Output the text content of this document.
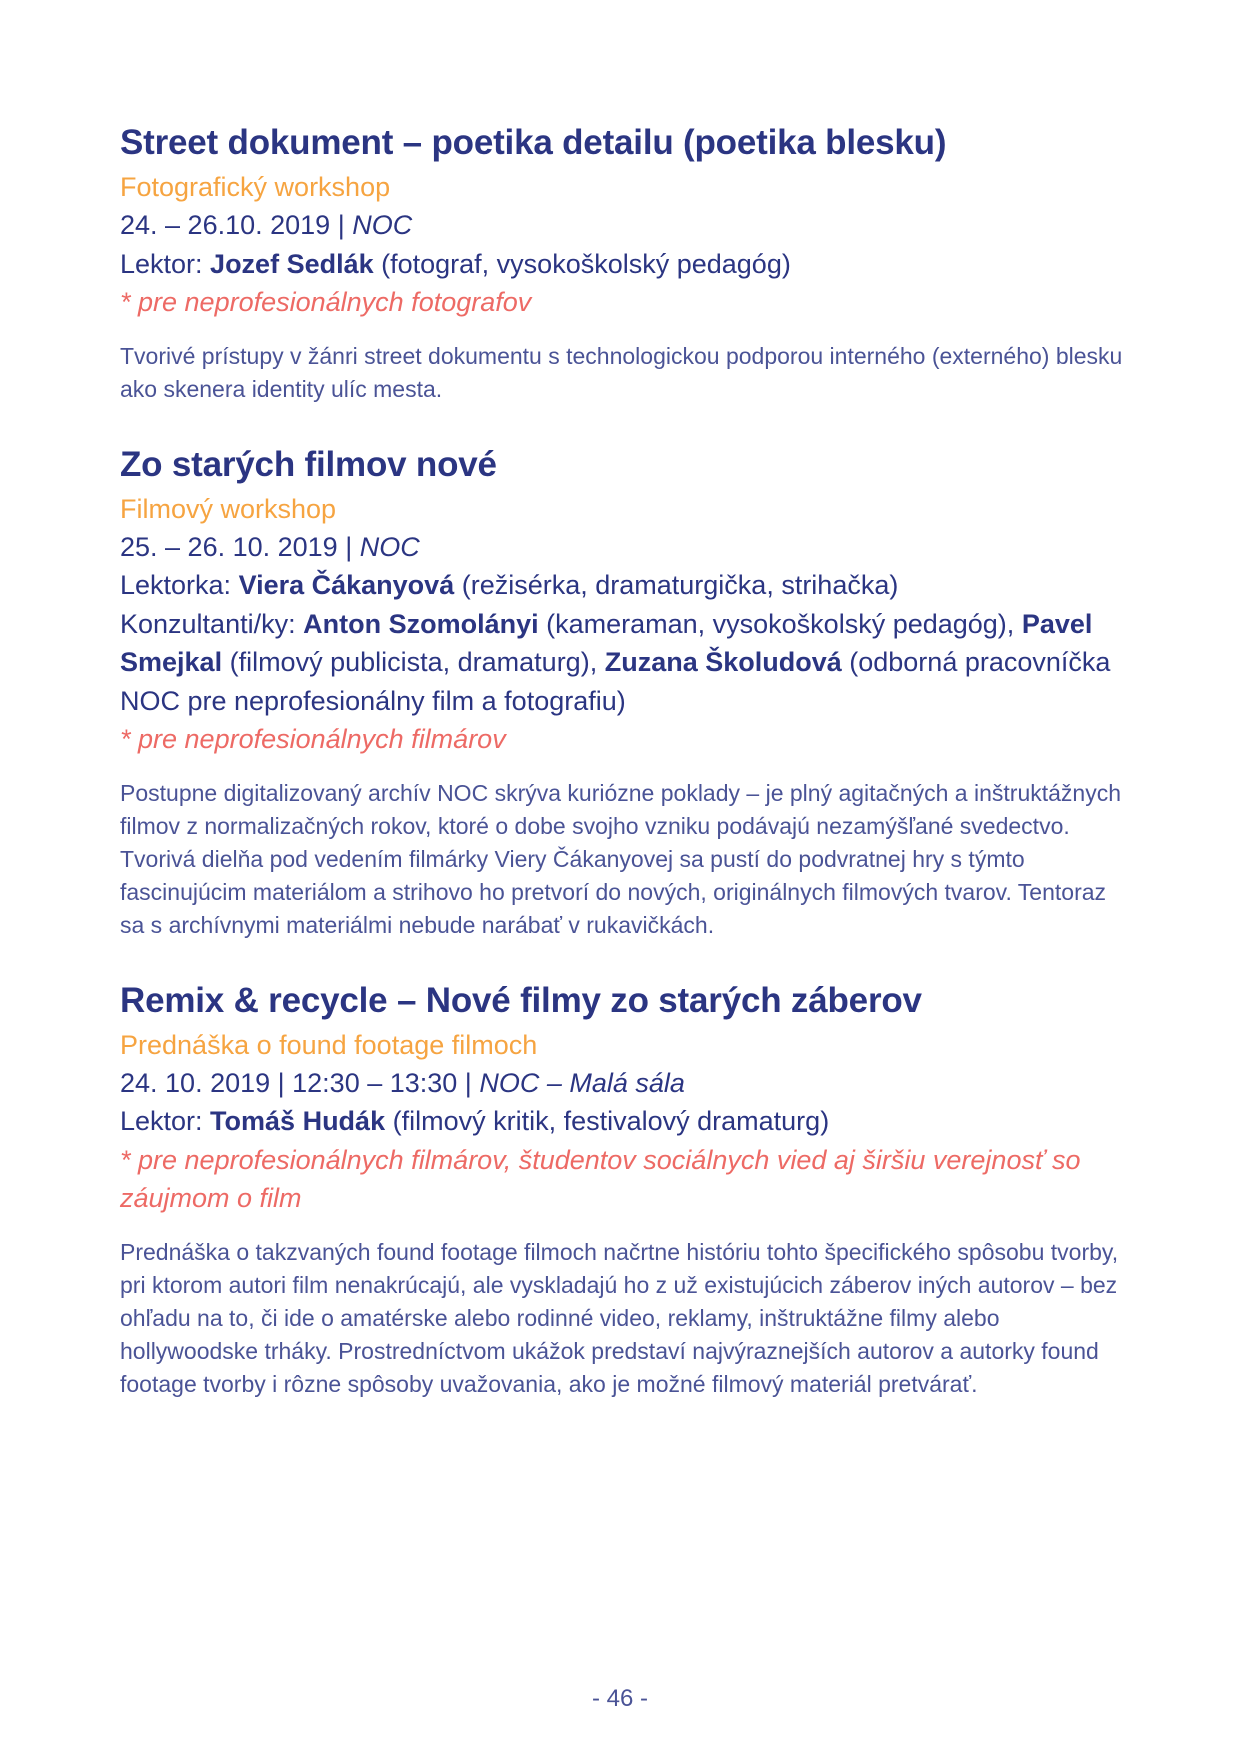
Street dokument – poetika detailu (poetika blesku)

Fotografický workshop

24. – 26.10. 2019 | NOC

Lektor: Jozef Sedlák (fotograf, vysokoškolský pedagóg)

* pre neprofesionálnych fotografov

Tvorivé prístupy v žánri street dokumentu s technologickou podporou interného (externého) blesku ako skenera identity ulíc mesta.

Zo starých filmov nové

Filmový workshop

25. – 26. 10. 2019 | NOC

Lektorka: Viera Čákanyová (režisérka, dramaturgička, strihačka)

Konzultanti/ky: Anton Szomolányi (kameraman, vysokoškolský pedagóg), Pavel Smejkal (filmový publicista, dramaturg), Zuzana Školudová (odborná pracovníčka NOC pre neprofesionálny film a fotografiu)

* pre neprofesionálnych filmárov

Postupne digitalizovaný archív NOC skrýva kuriózne poklady – je plný agitačných a inštruktážnych filmov z normalizačných rokov, ktoré o dobe svojho vzniku podávajú nezamýšľané svedectvo. Tvorivá dielňa pod vedením filmárky Viery Čákanyovej sa pustí do podvratnej hry s týmto fascinujúcim materiálom a strihovo ho pretvorí do nových, originálnych filmových tvarov. Tentoraz sa s archívnymi materiálmi nebude narábať v rukavičkách.

Remix & recycle – Nové filmy zo starých záberov

Prednáška o found footage filmoch

24. 10. 2019 | 12:30 – 13:30 | NOC – Malá sála

Lektor: Tomáš Hudák (filmový kritik, festivalový dramaturg)

* pre neprofesionálnych filmárov, študentov sociálnych vied aj širšiu verejnosť so záujmom o film

Prednáška o takzvaných found footage filmoch načrtne históriu tohto špecifického spôsobu tvorby, pri ktorom autori film nenakrúcajú, ale vyskladajú ho z už existujúcich záberov iných autorov – bez ohľadu na to, či ide o amatérske alebo rodinné video, reklamy, inštruktážne filmy alebo hollywoodske trháky. Prostredníctvom ukážok predstaví najvýraznejších autorov a autorky found footage tvorby i rôzne spôsoby uvažovania, ako je možné filmový materiál pretvárať.

- 46 -
